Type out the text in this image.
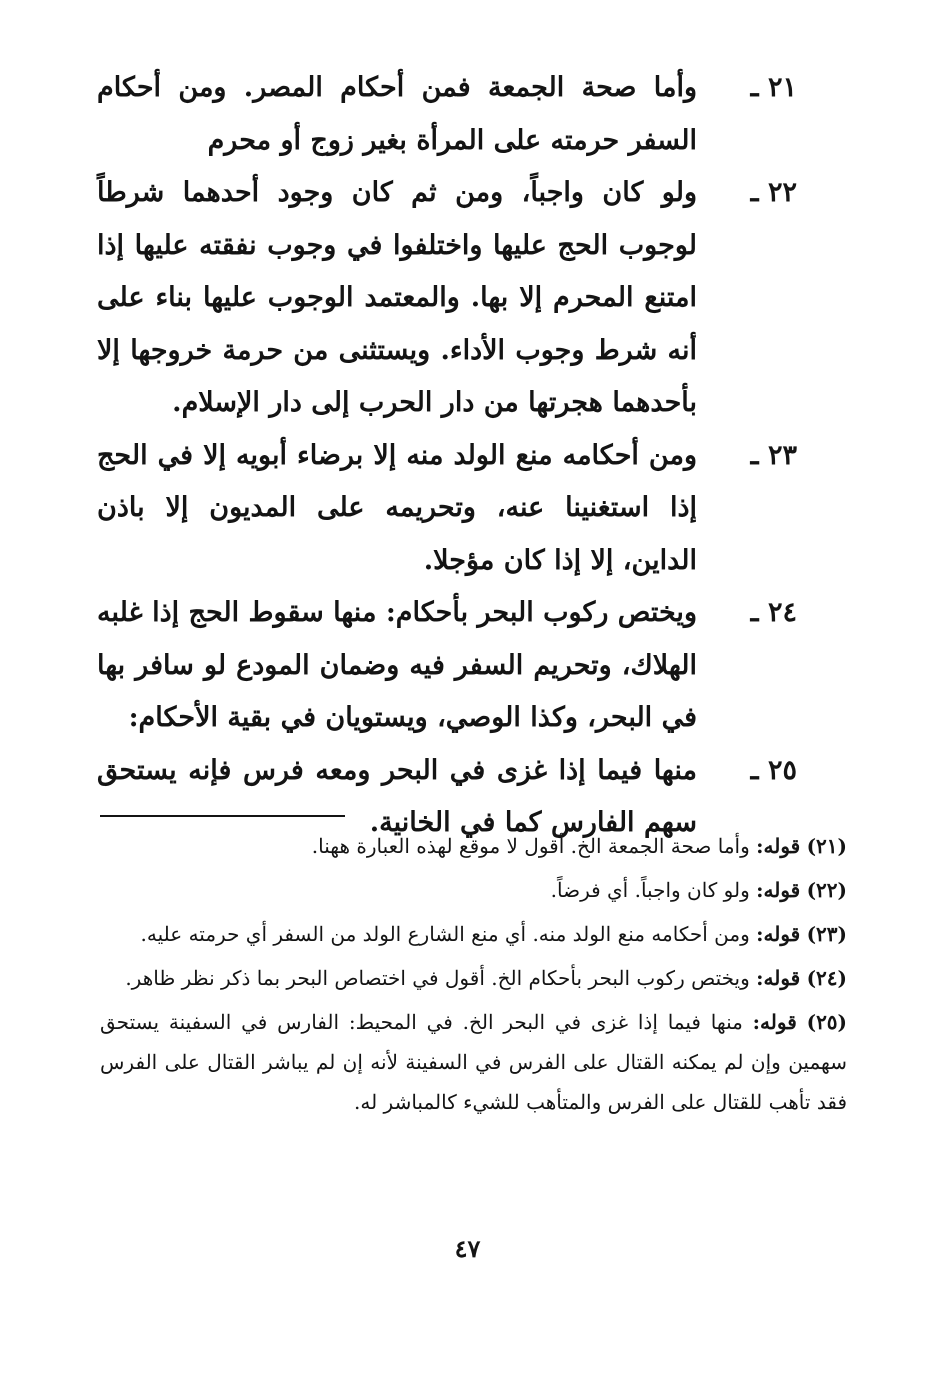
٢١ ـ
وأما صحة الجمعة فمن أحكام المصر. ومن أحكام السفر حرمته على المرأة بغير زوج أو محرم
٢٢ ـ
ولو كان واجباً، ومن ثم كان وجود أحدهما شرطاً لوجوب الحج عليها واختلفوا في وجوب نفقته عليها إذا امتنع المحرم إلا بها. والمعتمد الوجوب عليها بناء على أنه شرط وجوب الأداء. ويستثنى من حرمة خروجها إلا بأحدهما هجرتها من دار الحرب إلى دار الإسلام.
٢٣ ـ
ومن أحكامه منع الولد منه إلا برضاء أبويه إلا في الحج إذا استغنينا عنه، وتحريمه على المديون إلا باذن الداين، إلا إذا كان مؤجلا.
٢٤ ـ
ويختص ركوب البحر بأحكام: منها سقوط الحج إذا غلبه الهلاك، وتحريم السفر فيه وضمان المودع لو سافر بها في البحر، وكذا الوصي، ويستويان في بقية الأحكام:
٢٥ ـ
منها فيما إذا غزى في البحر ومعه فرس فإنه يستحق سهم الفارس كما في الخانية.
(٢١) قوله: وأما صحة الجمعة الخ. أقول لا موقع لهذه العبارة ههنا.
(٢٢) قوله: ولو كان واجباً. أي فرضاً.
(٢٣) قوله: ومن أحكامه منع الولد منه. أي منع الشارع الولد من السفر أي حرمته عليه.
(٢٤) قوله: ويختص ركوب البحر بأحكام الخ. أقول في اختصاص البحر بما ذكر نظر ظاهر.
(٢٥) قوله: منها فيما إذا غزى في البحر الخ. في المحيط: الفارس في السفينة يستحق سهمين وإن لم يمكنه القتال على الفرس في السفينة لأنه إن لم يباشر القتال على الفرس فقد تأهب للقتال على الفرس والمتأهب للشيء كالمباشر له.
٤٧
